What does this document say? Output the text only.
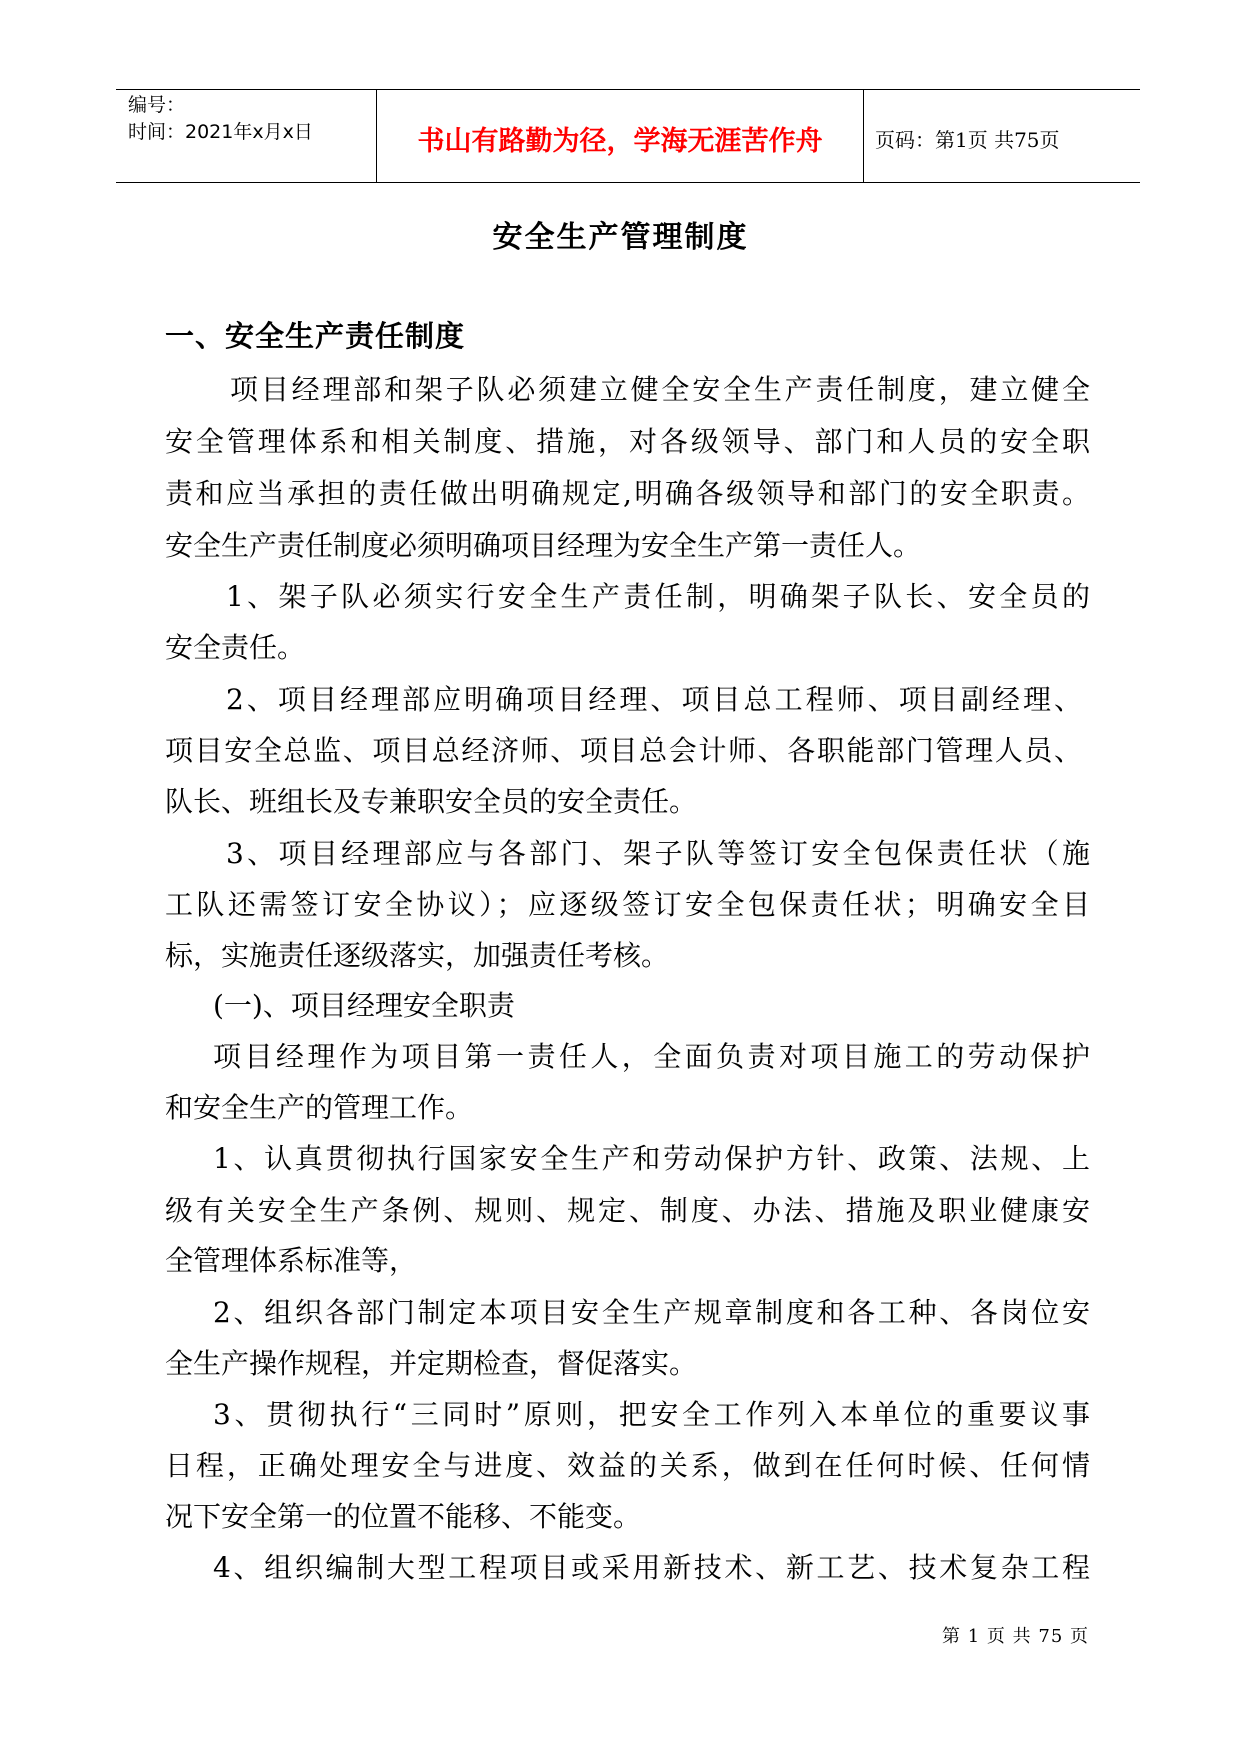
编号：
时间：2021年x月x日	书山有路勤为径，学海无涯苦作舟	页码：第1页 共75页
安全生产管理制度
一、安全生产责任制度
项目经理部和架子队必须建立健全安全生产责任制度，建立健全
安全管理体系和相关制度、措施，对各级领导、部门和人员的安全职
责和应当承担的责任做出明确规定,明确各级领导和部门的安全职责。
安全生产责任制度必须明确项目经理为安全生产第一责任人。
1、架子队必须实行安全生产责任制，明确架子队长、安全员的
安全责任。
2、项目经理部应明确项目经理、项目总工程师、项目副经理、
项目安全总监、项目总经济师、项目总会计师、各职能部门管理人员、
队长、班组长及专兼职安全员的安全责任。
3、项目经理部应与各部门、架子队等签订安全包保责任状（施
工队还需签订安全协议）；应逐级签订安全包保责任状；明确安全目
标，实施责任逐级落实，加强责任考核。
(一)、项目经理安全职责
项目经理作为项目第一责任人，全面负责对项目施工的劳动保护
和安全生产的管理工作。
1、认真贯彻执行国家安全生产和劳动保护方针、政策、法规、上
级有关安全生产条例、规则、规定、制度、办法、措施及职业健康安
全管理体系标准等，
2、组织各部门制定本项目安全生产规章制度和各工种、各岗位安
全生产操作规程，并定期检查，督促落实。
3、贯彻执行“三同时”原则，把安全工作列入本单位的重要议事
日程，正确处理安全与进度、效益的关系，做到在任何时候、任何情
况下安全第一的位置不能移、不能变。
4、组织编制大型工程项目或采用新技术、新工艺、技术复杂工程
第 1 页 共 75 页
